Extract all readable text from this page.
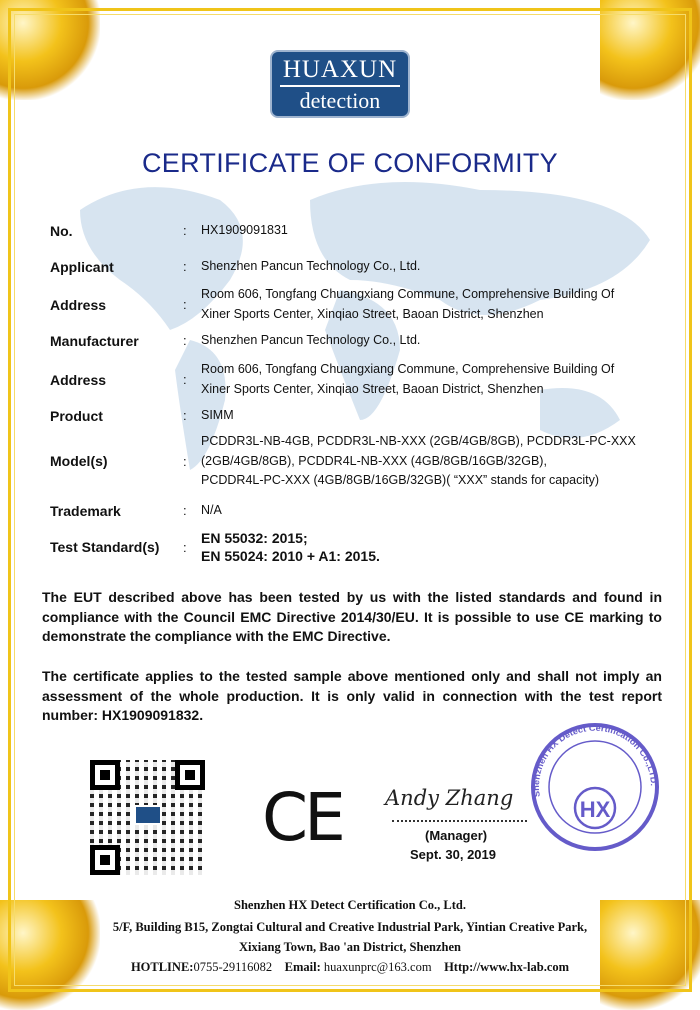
HUAXUN
detection
CERTIFICATE OF CONFORMITY
No.	:	HX1909091831
Applicant	:	Shenzhen Pancun Technology Co., Ltd.
Address	:
Room 606, Tongfang Chuangxiang Commune, Comprehensive Building Of
Xiner Sports Center, Xinqiao Street, Baoan District, Shenzhen
Manufacturer	:	Shenzhen Pancun Technology Co., Ltd.
Address	:
Room 606, Tongfang Chuangxiang Commune, Comprehensive Building Of
Xiner Sports Center, Xinqiao Street, Baoan District, Shenzhen
Product	:	SIMM
Model(s)	:
PCDDR3L-NB-4GB, PCDDR3L-NB-XXX (2GB/4GB/8GB), PCDDR3L-PC-XXX
(2GB/4GB/8GB), PCDDR4L-NB-XXX (4GB/8GB/16GB/32GB),
PCDDR4L-PC-XXX (4GB/8GB/16GB/32GB)( “XXX” stands for capacity)
Trademark	:	N/A
Test Standard(s)	:
EN 55032: 2015;
EN 55024: 2010 + A1: 2015.
The EUT described above has been tested by us with the listed standards and found in compliance with the Council EMC Directive 2014/30/EU. It is possible to use CE marking to demonstrate the compliance with the EMC Directive.
The certificate applies to the tested sample above mentioned only and shall not imply an assessment of the whole production. It is only valid in connection with the test report number: HX1909091832.
CE	Shenzhen HX Detect Certification Co.,LTD.
HX
Andy Zhang
(Manager)
Sept. 30, 2019
Shenzhen HX Detect Certification Co., Ltd.
5/F, Building B15, Zongtai Cultural and Creative Industrial Park, Yintian Creative Park,
Xixiang Town, Bao 'an District, Shenzhen
HOTLINE:0755-29116082 Email: huaxunprc@163.com Http://www.hx-lab.com
